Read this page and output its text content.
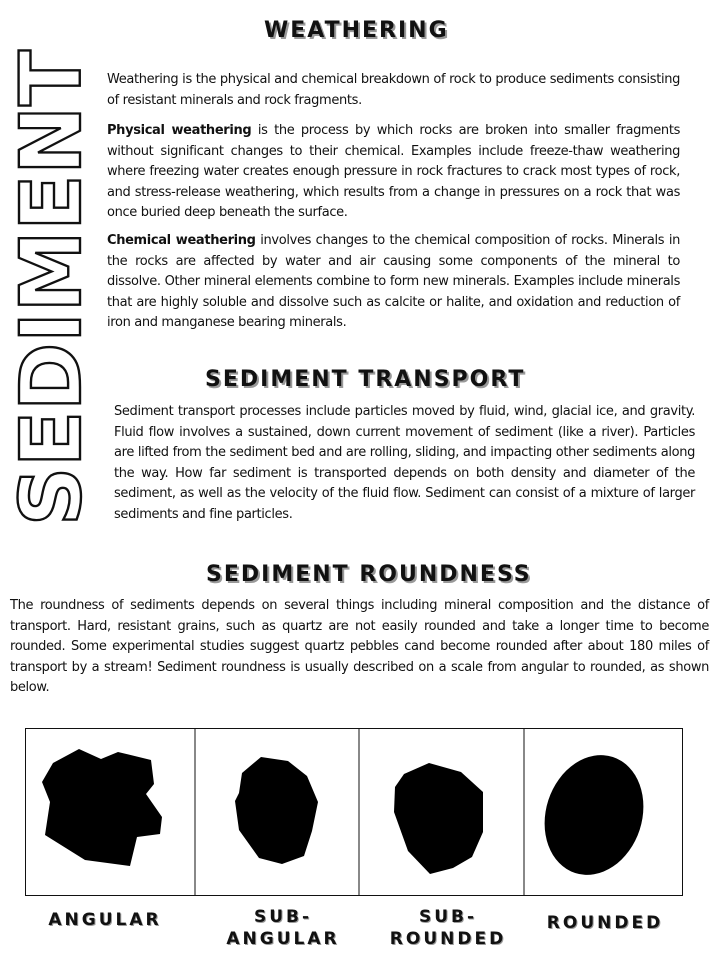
SEDIMENT
WEATHERING

Weathering is the physical and chemical breakdown of rock to produce sediments consisting of resistant minerals and rock fragments.

Physical weathering is the process by which rocks are broken into smaller fragments without significant changes to their chemical. Examples include freeze-thaw weathering where freezing water creates enough pressure in rock fractures to crack most types of rock, and stress-release weathering, which results from a change in pressures on a rock that was once buried deep beneath the surface.

Chemical weathering involves changes to the chemical composition of rocks. Minerals in the rocks are affected by water and air causing some components of the mineral to dissolve. Other mineral elements combine to form new minerals. Examples include minerals that are highly soluble and dissolve such as calcite or halite, and oxidation and reduction of iron and manganese bearing minerals.

SEDIMENT TRANSPORT

Sediment transport processes include particles moved by fluid, wind, glacial ice, and gravity. Fluid flow involves a sustained, down current movement of sediment (like a river). Particles are lifted from the sediment bed and are rolling, sliding, and impacting other sediments along the way. How far sediment is transported depends on both density and diameter of the sediment, as well as the velocity of the fluid flow. Sediment can consist of a mixture of larger sediments and fine particles.

SEDIMENT ROUNDNESS

The roundness of sediments depends on several things including mineral composition and the distance of transport. Hard, resistant grains, such as quartz are not easily rounded and take a longer time to become rounded. Some experimental studies suggest quartz pebbles cand become rounded after about 180 miles of transport by a stream! Sediment roundness is usually described on a scale from angular to rounded, as shown below.

ANGULAR	SUB-
ANGULAR
SUB-
ROUNDED
ROUNDED
